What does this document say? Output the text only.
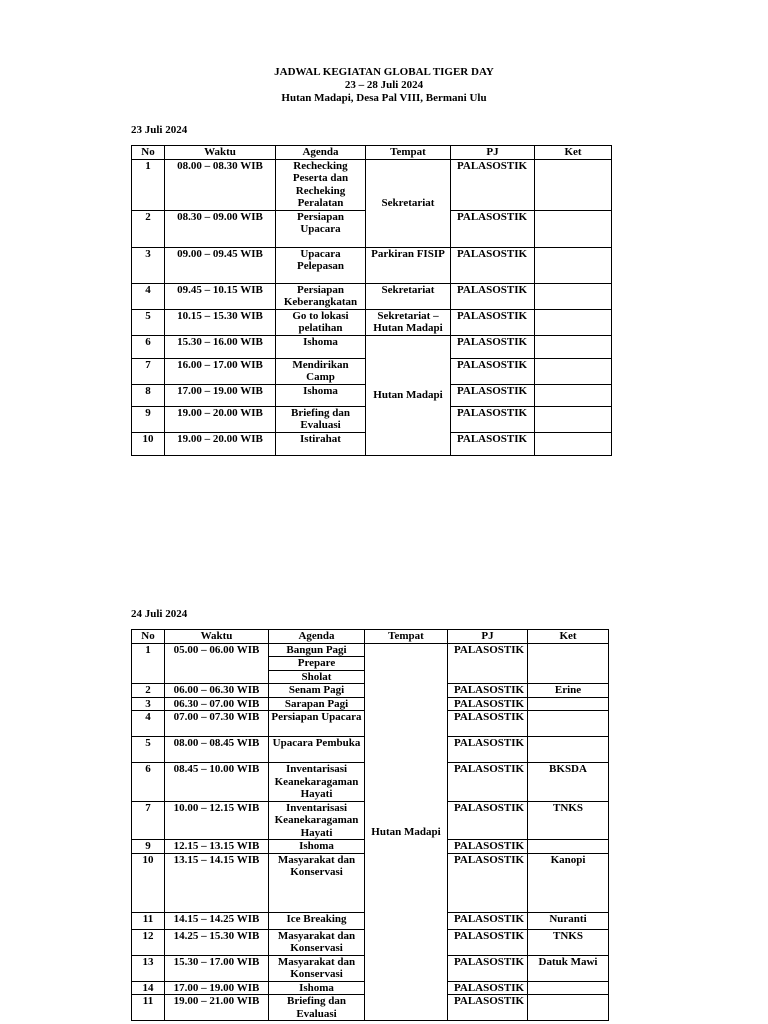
JADWAL KEGIATAN GLOBAL TIGER DAY
23 – 28 Juli 2024
Hutan Madapi, Desa Pal VIII, Bermani Ulu
23 Juli 2024
No	Waktu	Agenda	Tempat	PJ	Ket
1	08.00 – 08.30 WIB	Rechecking Peserta dan Recheking Peralatan	Sekretariat	PALASOSTIK	
2	08.30 – 09.00 WIB	Persiapan Upacara		PALASOSTIK	
3	09.00 – 09.45 WIB	Upacara Pelepasan	Parkiran FISIP	PALASOSTIK	
4	09.45 – 10.15 WIB	Persiapan Keberangkatan	Sekretariat	PALASOSTIK	
5	10.15 – 15.30 WIB	Go to lokasi pelatihan	Sekretariat – Hutan Madapi	PALASOSTIK	
6	15.30 – 16.00 WIB	Ishoma	Hutan Madapi	PALASOSTIK	
7	16.00 – 17.00 WIB	Mendirikan Camp		PALASOSTIK	
8	17.00 – 19.00 WIB	Ishoma		PALASOSTIK	
9	19.00 – 20.00 WIB	Briefing dan Evaluasi		PALASOSTIK	
10	19.00 – 20.00 WIB	Istirahat		PALASOSTIK	
24 Juli 2024
No	Waktu	Agenda	Tempat	PJ	Ket
1	05.00 – 06.00 WIB	Bangun Pagi	Hutan Madapi	PALASOSTIK	
		Prepare			
		Sholat			
2	06.00 – 06.30 WIB	Senam Pagi		PALASOSTIK	Erine
3	06.30 – 07.00 WIB	Sarapan Pagi		PALASOSTIK	
4	07.00 – 07.30 WIB	Persiapan Upacara		PALASOSTIK	
5	08.00 – 08.45 WIB	Upacara Pembuka		PALASOSTIK	
6	08.45 – 10.00 WIB	Inventarisasi Keanekaragaman Hayati		PALASOSTIK	BKSDA
7	10.00 – 12.15 WIB	Inventarisasi Keanekaragaman Hayati		PALASOSTIK	TNKS
9	12.15 – 13.15 WIB	Ishoma		PALASOSTIK	
10	13.15 – 14.15 WIB	Masyarakat dan Konservasi		PALASOSTIK	Kanopi
11	14.15 – 14.25 WIB	Ice Breaking		PALASOSTIK	Nuranti
12	14.25 – 15.30 WIB	Masyarakat dan Konservasi		PALASOSTIK	TNKS
13	15.30 – 17.00 WIB	Masyarakat dan Konservasi		PALASOSTIK	Datuk Mawi
14	17.00 – 19.00 WIB	Ishoma		PALASOSTIK	
11	19.00 – 21.00 WIB	Briefing dan Evaluasi		PALASOSTIK	
